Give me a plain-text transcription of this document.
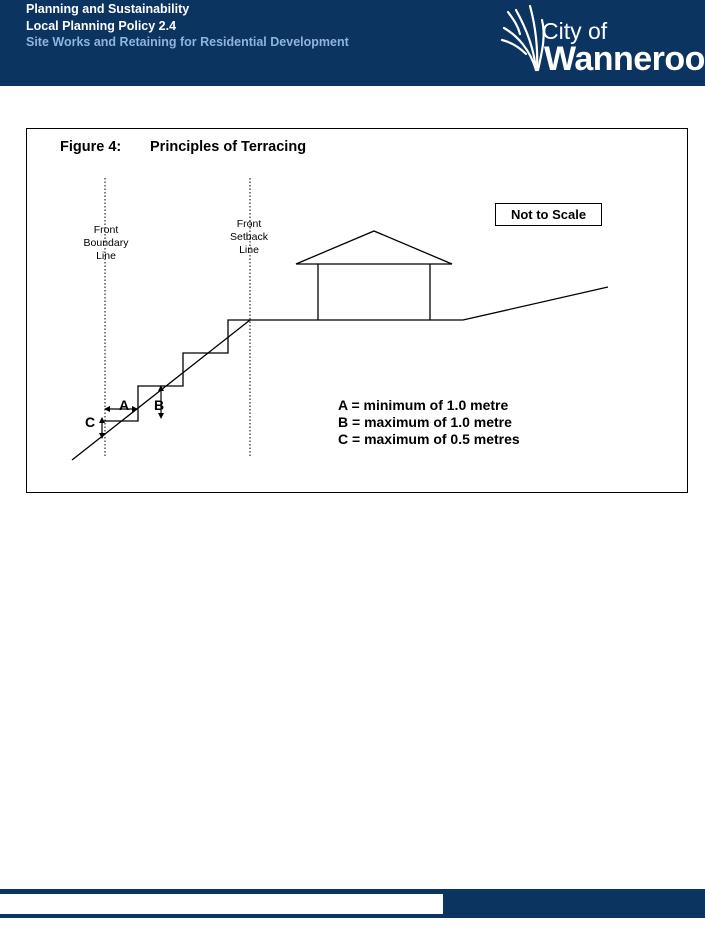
Planning and Sustainability
Local Planning Policy 2.4
Site Works and Retaining for Residential Development	City of
Wanneroo
Figure 4: Principles of Terracing
Not to Scale
Front
Boundary
Line
Front
Setback
Line
A B
C
A = minimum of 1.0 metre
B = maximum of 1.0 metre
C = maximum of 0.5 metres
